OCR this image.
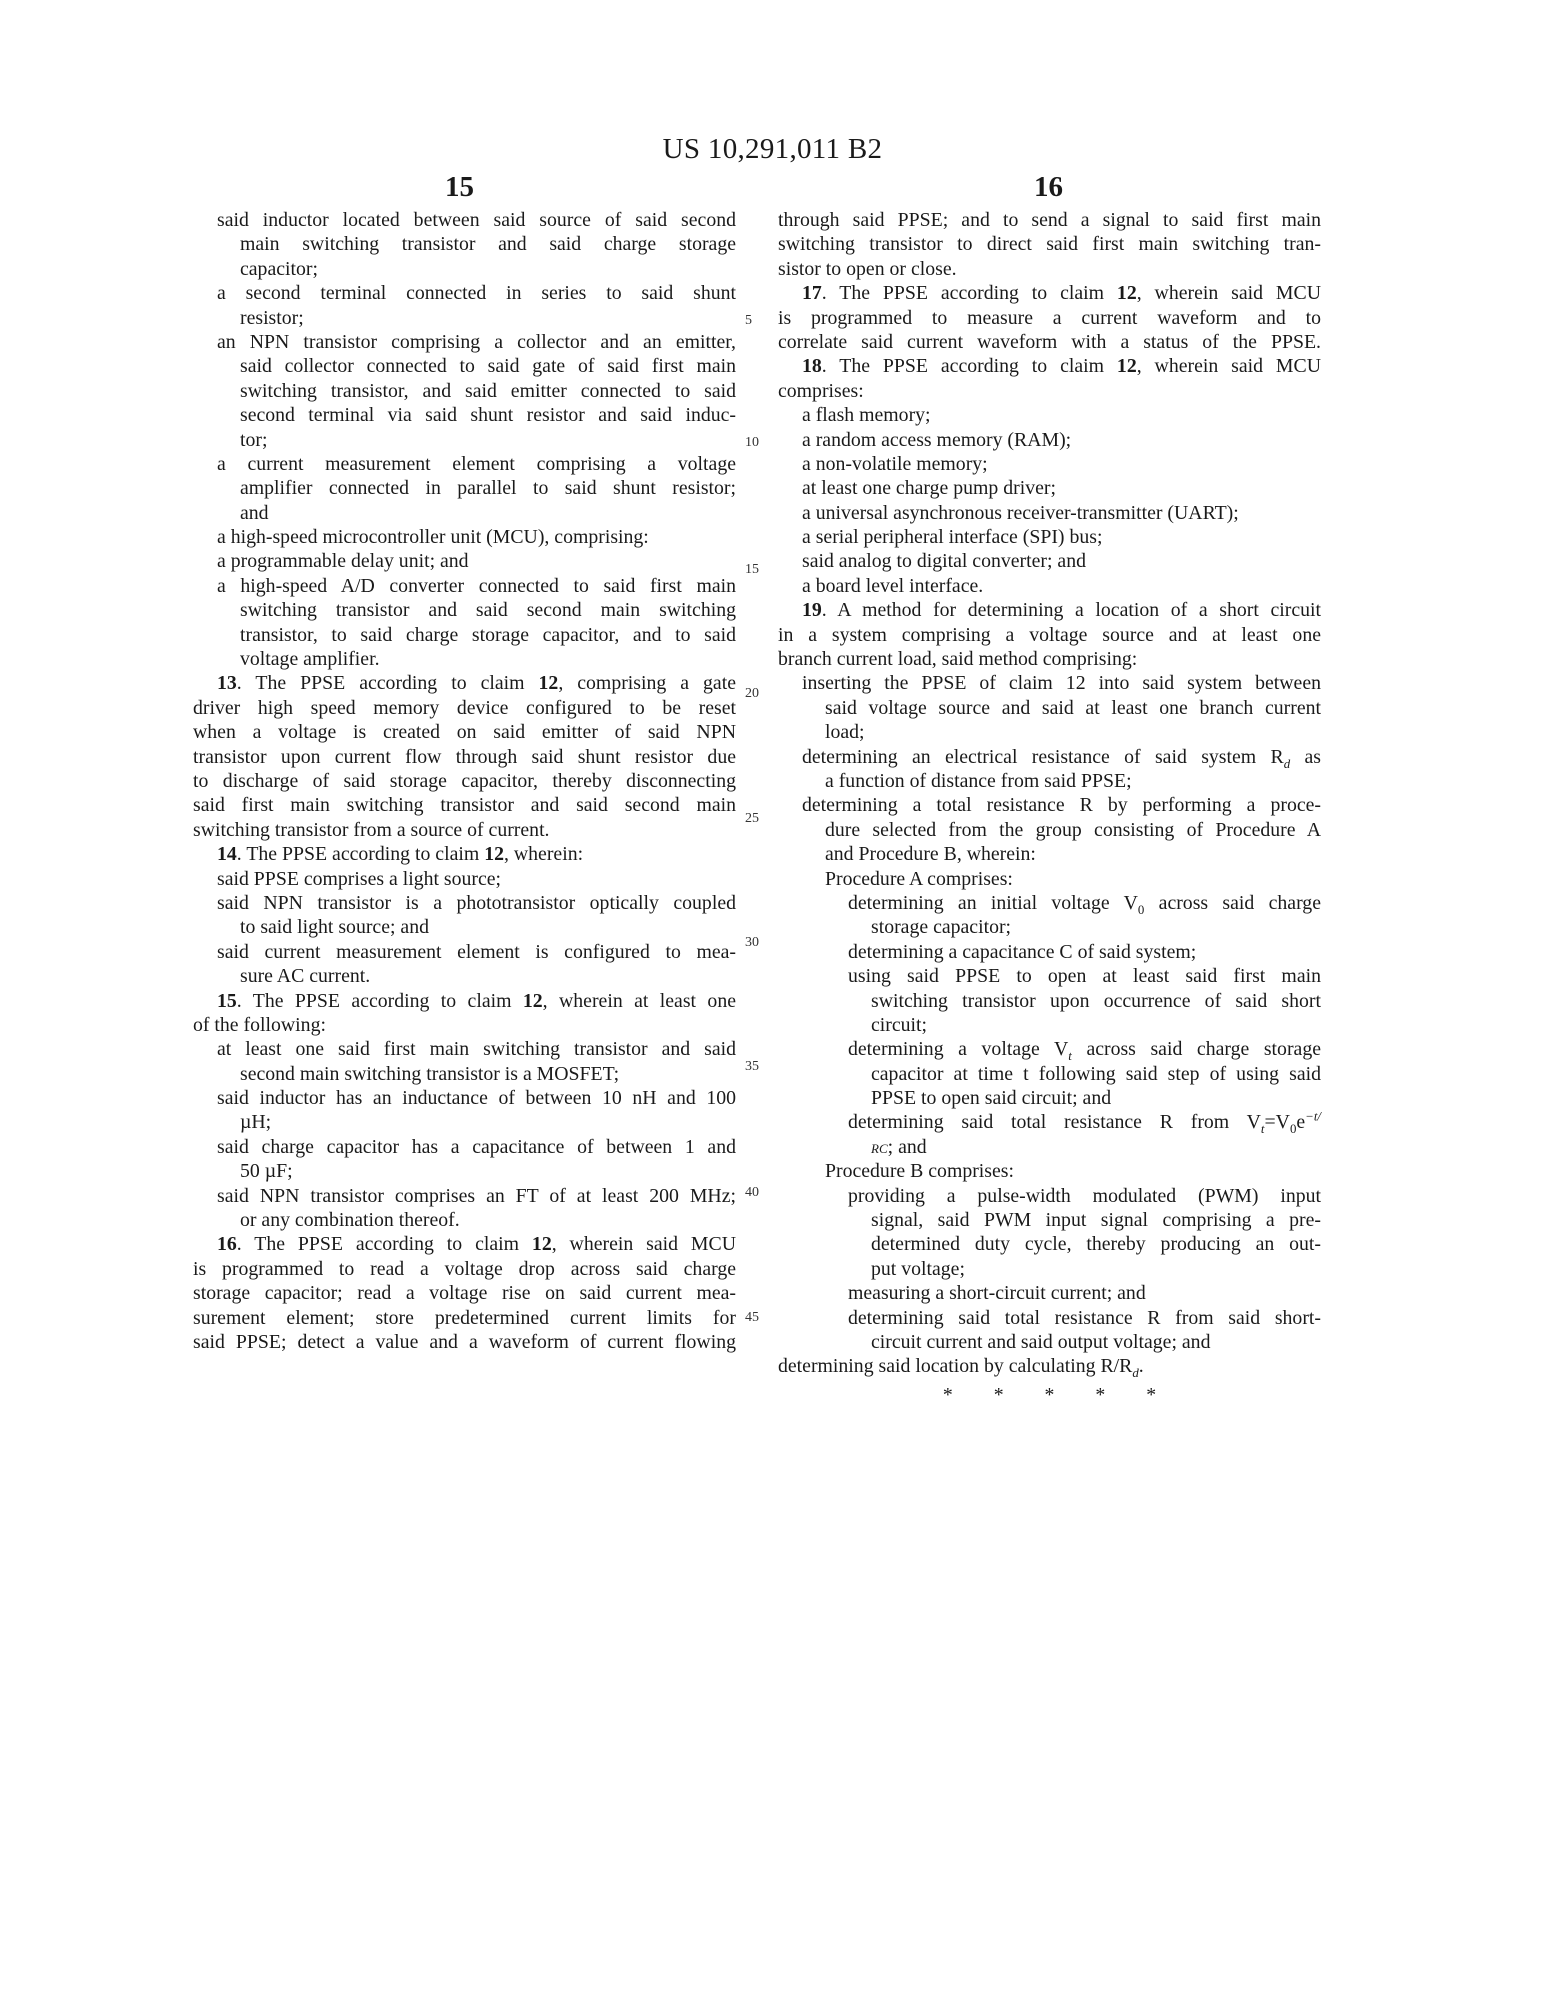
US 10,291,011 B2
15	16
5
10
15
20
25
30
35
40
45
said inductor located between said source of said second
main switching transistor and said charge storage
capacitor;
a second terminal connected in series to said shunt
resistor;
an NPN transistor comprising a collector and an emitter,
said collector connected to said gate of said first main
switching transistor, and said emitter connected to said
second terminal via said shunt resistor and said induc-
tor;
a current measurement element comprising a voltage
amplifier connected in parallel to said shunt resistor;
and
a high-speed microcontroller unit (MCU), comprising:
a programmable delay unit; and
a high-speed A/D converter connected to said first main
switching transistor and said second main switching
transistor, to said charge storage capacitor, and to said
voltage amplifier.
13. The PPSE according to claim 12, comprising a gate
driver high speed memory device configured to be reset
when a voltage is created on said emitter of said NPN
transistor upon current flow through said shunt resistor due
to discharge of said storage capacitor, thereby disconnecting
said first main switching transistor and said second main
switching transistor from a source of current.
14. The PPSE according to claim 12, wherein:
said PPSE comprises a light source;
said NPN transistor is a phototransistor optically coupled
to said light source; and
said current measurement element is configured to mea-
sure AC current.
15. The PPSE according to claim 12, wherein at least one
of the following:
at least one said first main switching transistor and said
second main switching transistor is a MOSFET;
said inductor has an inductance of between 10 nH and 100
µH;
said charge capacitor has a capacitance of between 1 and
50 µF;
said NPN transistor comprises an FT of at least 200 MHz;
or any combination thereof.
16. The PPSE according to claim 12, wherein said MCU
is programmed to read a voltage drop across said charge
storage capacitor; read a voltage rise on said current mea-
surement element; store predetermined current limits for
said PPSE; detect a value and a waveform of current flowing
through said PPSE; and to send a signal to said first main
switching transistor to direct said first main switching tran-
sistor to open or close.
17. The PPSE according to claim 12, wherein said MCU
is programmed to measure a current waveform and to
correlate said current waveform with a status of the PPSE.
18. The PPSE according to claim 12, wherein said MCU
comprises:
a flash memory;
a random access memory (RAM);
a non-volatile memory;
at least one charge pump driver;
a universal asynchronous receiver-transmitter (UART);
a serial peripheral interface (SPI) bus;
said analog to digital converter; and
a board level interface.
19. A method for determining a location of a short circuit
in a system comprising a voltage source and at least one
branch current load, said method comprising:
inserting the PPSE of claim 12 into said system between
said voltage source and said at least one branch current
load;
determining an electrical resistance of said system $R_d$ as
a function of distance from said PPSE;
determining a total resistance R by performing a proce-
dure selected from the group consisting of Procedure A
and Procedure B, wherein:
Procedure A comprises:
determining an initial voltage $V_0$ across said charge
storage capacitor;
determining a capacitance C of said system;
using said PPSE to open at least said first main
switching transistor upon occurrence of said short
circuit;
determining a voltage $V_t$ across said charge storage
capacitor at time t following said step of using said
PPSE to open said circuit; and
determining said total resistance R from $V_t=V_0e^{-t/}$
RC; and
Procedure B comprises:
providing a pulse-width modulated (PWM) input
signal, said PWM input signal comprising a pre-
determined duty cycle, thereby producing an out-
put voltage;
measuring a short-circuit current; and
determining said total resistance R from said short-
circuit current and said output voltage; and
determining said location by calculating $R/R_d$.
* * * * *
